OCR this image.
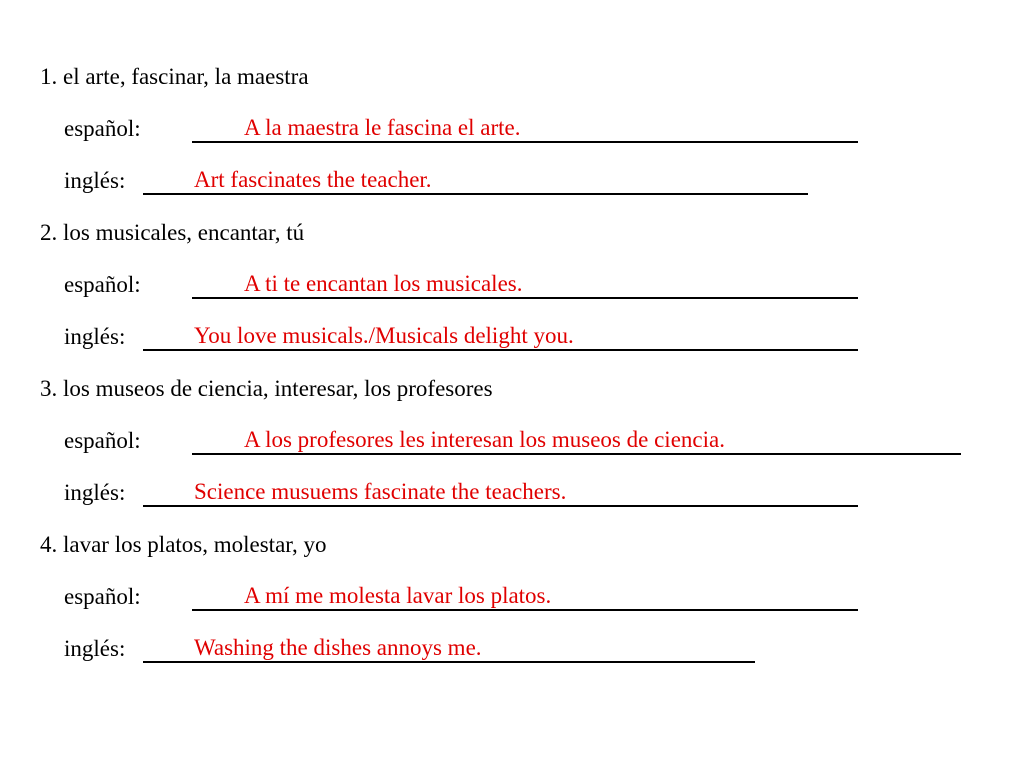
1. el arte, fascinar, la maestra
español:	A la maestra le fascina el arte.
inglés:	Art fascinates the teacher.
2. los musicales, encantar, tú
español:	A ti te encantan los musicales.
inglés:	You love musicals./Musicals delight you.
3. los museos de ciencia, interesar, los profesores
español:	A los profesores les interesan los museos de ciencia.
inglés:	Science musuems fascinate the teachers.
4. lavar los platos, molestar, yo
español:	A mí me molesta lavar los platos.
inglés:	Washing the dishes annoys me.
